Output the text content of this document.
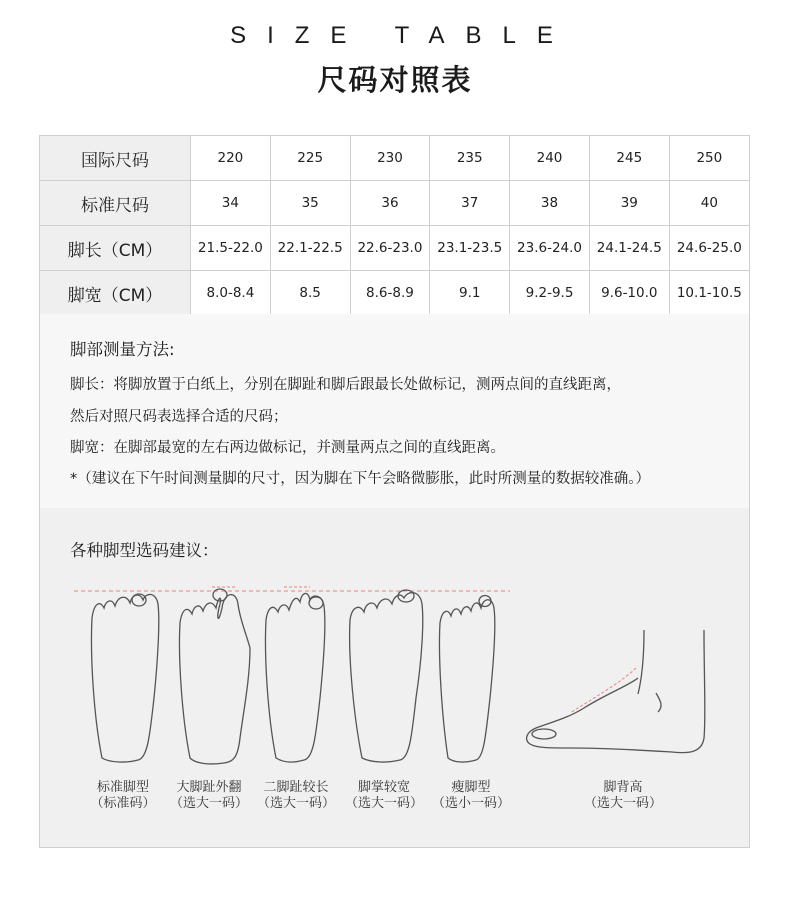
SIZE TABLE
尺码对照表
国际尺码	220	225	230	235	240	245	250
标准尺码	34	35	36	37	38	39	40
脚长（CM）	21.5-22.0	22.1-22.5	22.6-23.0	23.1-23.5	23.6-24.0	24.1-24.5	24.6-25.0
脚宽（CM）	8.0-8.4	8.5	8.6-8.9	9.1	9.2-9.5	9.6-10.0	10.1-10.5
脚部测量方法:
脚长：将脚放置于白纸上，分别在脚趾和脚后跟最长处做标记，测两点间的直线距离，
然后对照尺码表选择合适的尺码；
脚宽：在脚部最宽的左右两边做标记，并测量两点之间的直线距离。
*（建议在下午时间测量脚的尺寸，因为脚在下午会略微膨胀，此时所测量的数据较准确。）
各种脚型选码建议：
标准脚型
（标准码）
大脚趾外翻
（选大一码）
二脚趾较长
（选大一码）
脚掌较宽
（选大一码）
瘦脚型
（选小一码）
脚背高
（选大一码）
